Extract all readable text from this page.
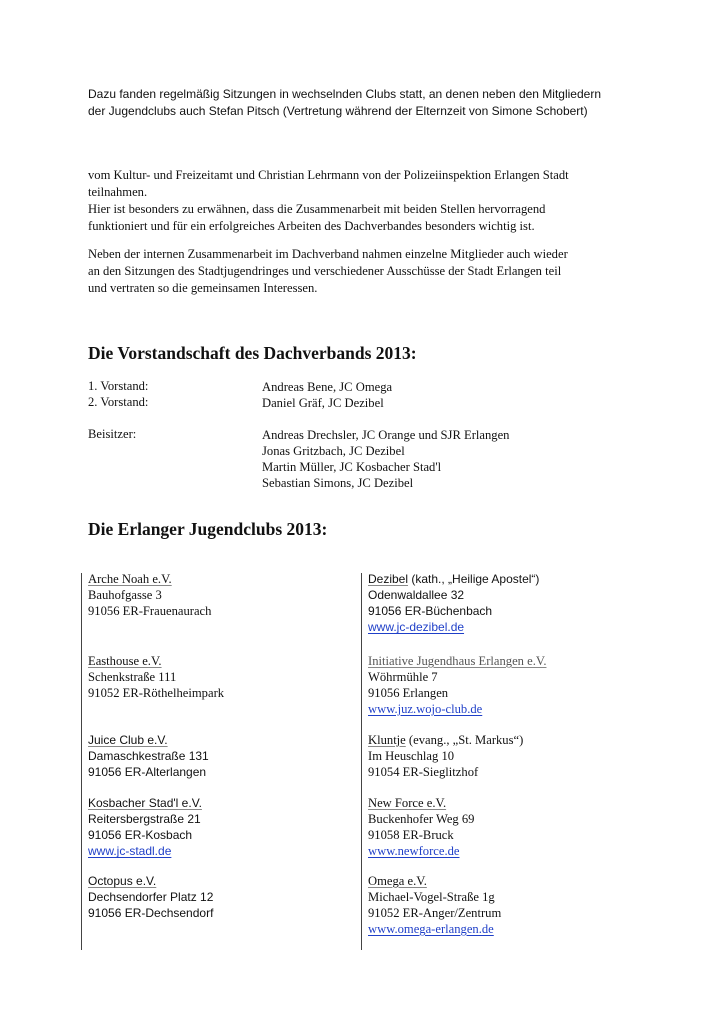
Dazu fanden regelmäßig Sitzungen in wechselnden Clubs statt, an denen neben den Mitgliedern
der Jugendclubs auch Stefan Pitsch (Vertretung während der Elternzeit von Simone Schobert)

vom Kultur- und Freizeitamt und Christian Lehrmann von der Polizeiinspektion Erlangen Stadt
teilnahmen.
Hier ist besonders zu erwähnen, dass die Zusammenarbeit mit beiden Stellen hervorragend
funktioniert und für ein erfolgreiches Arbeiten des Dachverbandes besonders wichtig ist.

Neben der internen Zusammenarbeit im Dachverband nahmen einzelne Mitglieder auch wieder
an den Sitzungen des Stadtjugendringes und verschiedener Ausschüsse der Stadt Erlangen teil
und vertraten so die gemeinsamen Interessen.

Die Vorstandschaft des Dachverbands 2013:
1. Vorstand:	Andreas Bene, JC Omega
2. Vorstand:	Daniel Gräf, JC Dezibel
Beisitzer:	Andreas Drechsler, JC Orange und SJR Erlangen
Jonas Gritzbach, JC Dezibel
Martin Müller, JC Kosbacher Stad'l
Sebastian Simons, JC Dezibel
Die Erlanger Jugendclubs 2013:
Arche Noah e.V.
Bauhofgasse 3
91056 ER-Frauenaurach
Easthouse e.V.
Schenkstraße 111
91052 ER-Röthelheimpark
Juice Club e.V.
Damaschkestraße 131
91056 ER-Alterlangen
Kosbacher Stad'l e.V.
Reitersbergstraße 21
91056 ER-Kosbach
www.jc-stadl.de
Octopus e.V.
Dechsendorfer Platz 12
91056 ER-Dechsendorf
Dezibel (kath., „Heilige Apostel“)
Odenwaldallee 32
91056 ER-Büchenbach
www.jc-dezibel.de
Initiative Jugendhaus Erlangen e.V.
Wöhrmühle 7
91056 Erlangen
www.juz.wojo-club.de
Kluntje (evang., „St. Markus“)
Im Heuschlag 10
91054 ER-Sieglitzhof
New Force e.V.
Buckenhofer Weg 69
91058 ER-Bruck
www.newforce.de
Omega e.V.
Michael-Vogel-Straße 1g
91052 ER-Anger/Zentrum
www.omega-erlangen.de
